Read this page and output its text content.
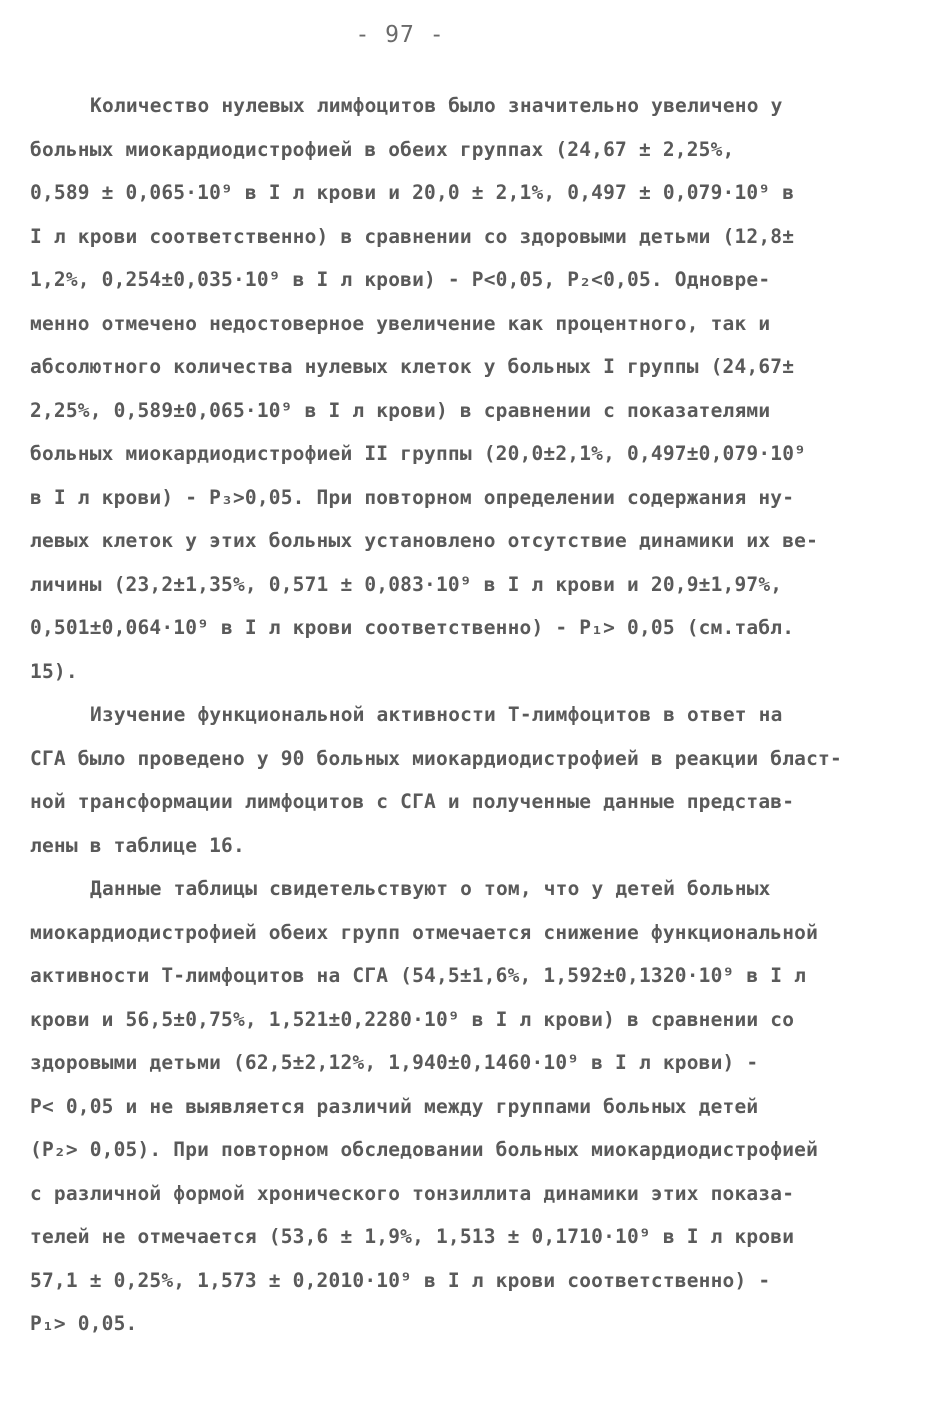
- 97 -
Количество нулевых лимфоцитов было значительно увеличено у
больных миокардиодистрофией в обеих группах (24,67 ± 2,25%,
0,589 ± 0,065·10⁹ в I л крови и 20,0 ± 2,1%, 0,497 ± 0,079·10⁹ в
I л крови соответственно) в сравнении со здоровыми детьми (12,8±
1,2%, 0,254±0,035·10⁹ в I л крови) - P<0,05, P₂<0,05. Одновре-
менно отмечено недостоверное увеличение как процентного, так и
абсолютного количества нулевых клеток у больных I группы (24,67±
2,25%, 0,589±0,065·10⁹ в I л крови) в сравнении с показателями
больных миокардиодистрофией II группы (20,0±2,1%, 0,497±0,079·10⁹
в I л крови) - P₃>0,05. При повторном определении содержания ну-
левых клеток у этих больных установлено отсутствие динамики их ве-
личины (23,2±1,35%, 0,571 ± 0,083·10⁹ в I л крови и 20,9±1,97%,
0,501±0,064·10⁹ в I л крови соответственно) - P₁> 0,05 (см.табл.
15).
Изучение функциональной активности Т-лимфоцитов в ответ на
СГА было проведено у 90 больных миокардиодистрофией в реакции бласт-
ной трансформации лимфоцитов с СГА и полученные данные представ-
лены в таблице 16.
Данные таблицы свидетельствуют о том, что у детей больных
миокардиодистрофией обеих групп отмечается снижение функциональной
активности Т-лимфоцитов на СГА (54,5±1,6%, 1,592±0,1320·10⁹ в I л
крови и 56,5±0,75%, 1,521±0,2280·10⁹ в I л крови) в сравнении со
здоровыми детьми (62,5±2,12%, 1,940±0,1460·10⁹ в I л крови) -
P< 0,05 и не выявляется различий между группами больных детей
(P₂> 0,05). При повторном обследовании больных миокардиодистрофией
с различной формой хронического тонзиллита динамики этих показа-
телей не отмечается (53,6 ± 1,9%, 1,513 ± 0,1710·10⁹ в I л крови
57,1 ± 0,25%, 1,573 ± 0,2010·10⁹ в I л крови соответственно) -
P₁> 0,05.
